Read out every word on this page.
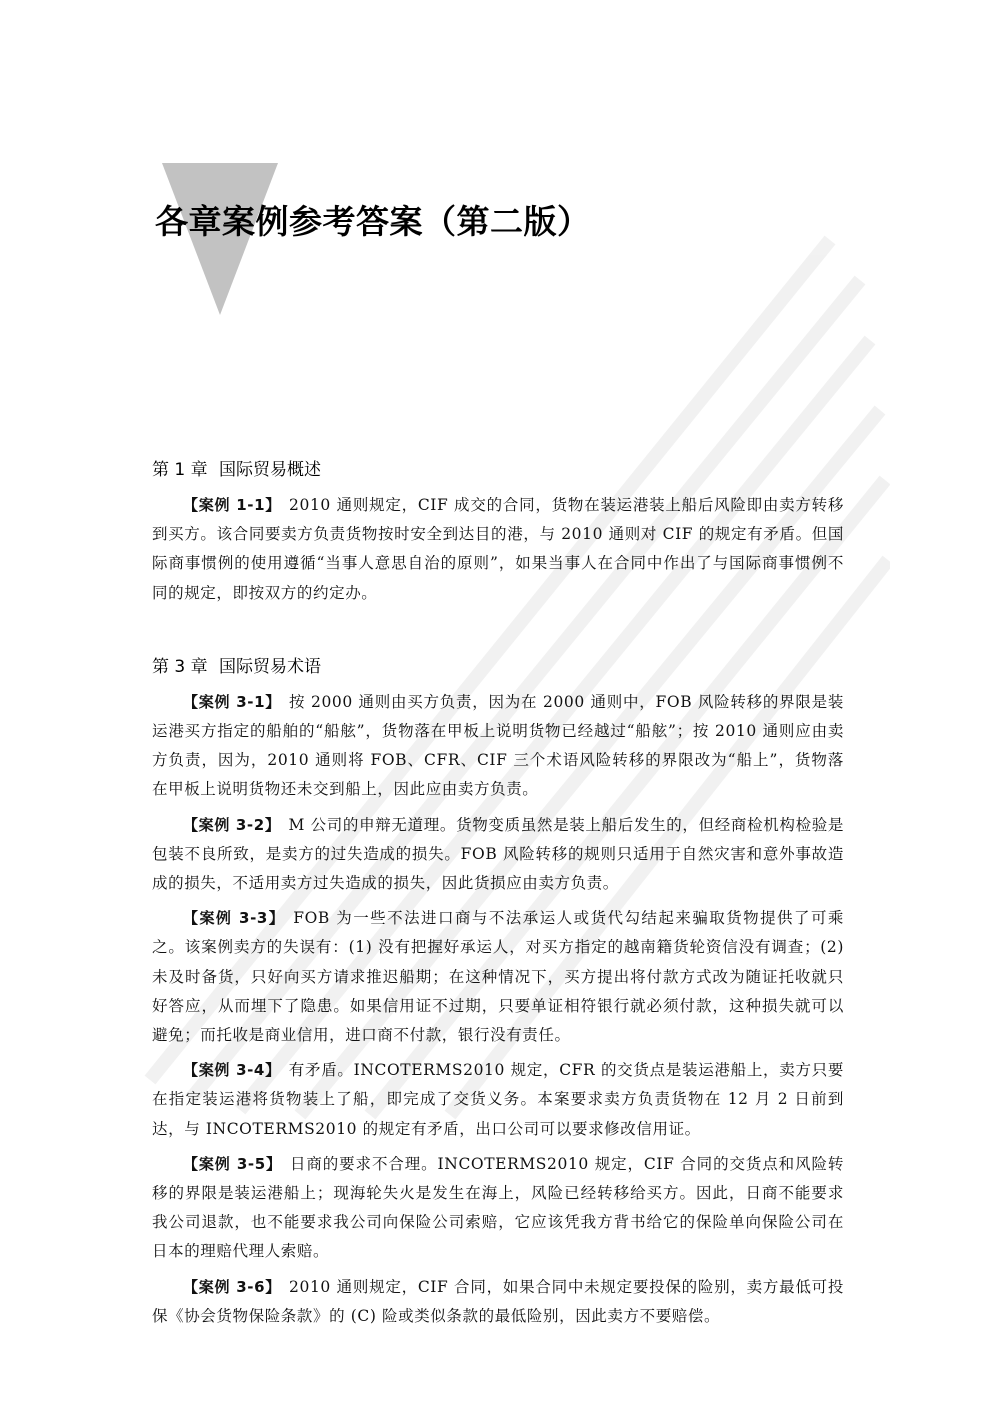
各章案例参考答案（第二版）
第 1 章 国际贸易概述

【案例 1-1】 2010 通则规定，CIF 成交的合同，货物在装运港装上船后风险即由卖方转移到买方。该合同要卖方负责货物按时安全到达目的港，与 2010 通则对 CIF 的规定有矛盾。但国际商事惯例的使用遵循“当事人意思自治的原则”，如果当事人在合同中作出了与国际商事惯例不同的规定，即按双方的约定办。

第 3 章 国际贸易术语

【案例 3-1】 按 2000 通则由买方负责，因为在 2000 通则中，FOB 风险转移的界限是装运港买方指定的船舶的“船舷”，货物落在甲板上说明货物已经越过“船舷”；按 2010 通则应由卖方负责，因为，2010 通则将 FOB、CFR、CIF 三个术语风险转移的界限改为“船上”，货物落在甲板上说明货物还未交到船上，因此应由卖方负责。

【案例 3-2】 M 公司的申辩无道理。货物变质虽然是装上船后发生的，但经商检机构检验是包装不良所致，是卖方的过失造成的损失。FOB 风险转移的规则只适用于自然灾害和意外事故造成的损失，不适用卖方过失造成的损失，因此货损应由卖方负责。

【案例 3-3】 FOB 为一些不法进口商与不法承运人或货代勾结起来骗取货物提供了可乘之。该案例卖方的失误有：(1) 没有把握好承运人，对买方指定的越南籍货轮资信没有调查；(2) 未及时备货，只好向买方请求推迟船期；在这种情况下，买方提出将付款方式改为随证托收就只好答应，从而埋下了隐患。如果信用证不过期，只要单证相符银行就必须付款，这种损失就可以避免；而托收是商业信用，进口商不付款，银行没有责任。

【案例 3-4】 有矛盾。INCOTERMS2010 规定，CFR 的交货点是装运港船上，卖方只要在指定装运港将货物装上了船，即完成了交货义务。本案要求卖方负责货物在 12 月 2 日前到达，与 INCOTERMS2010 的规定有矛盾，出口公司可以要求修改信用证。

【案例 3-5】 日商的要求不合理。INCOTERMS2010 规定，CIF 合同的交货点和风险转移的界限是装运港船上；现海轮失火是发生在海上，风险已经转移给买方。因此，日商不能要求我公司退款，也不能要求我公司向保险公司索赔，它应该凭我方背书给它的保险单向保险公司在日本的理赔代理人索赔。

【案例 3-6】 2010 通则规定，CIF 合同，如果合同中未规定要投保的险别，卖方最低可投保《协会货物保险条款》的 (C) 险或类似条款的最低险别，因此卖方不要赔偿。
